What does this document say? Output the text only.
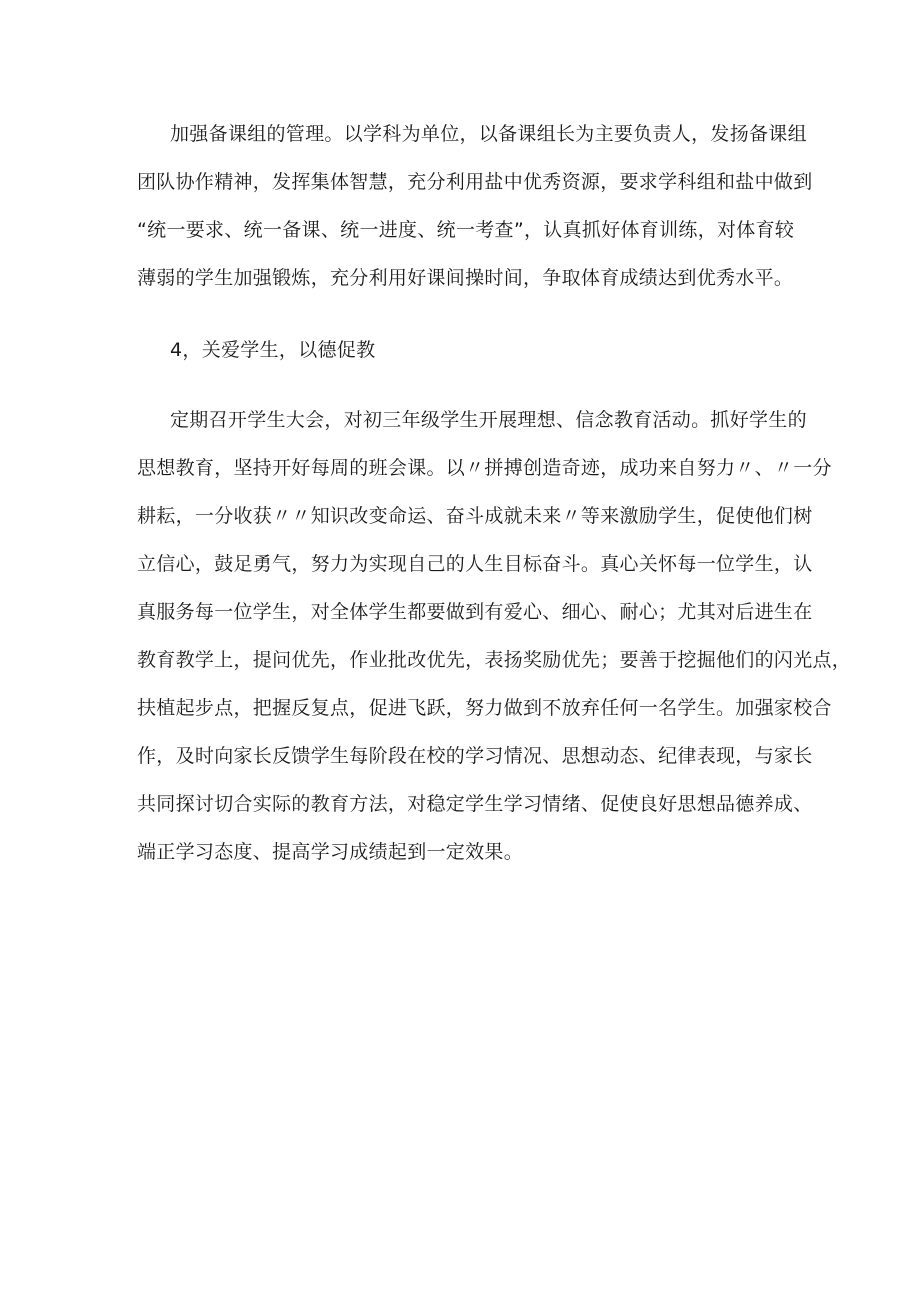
加强备课组的管理。以学科为单位，以备课组长为主要负责人，发扬备课组
团队协作精神，发挥集体智慧，充分利用盐中优秀资源，要求学科组和盐中做到
“统一要求、统一备课、统一进度、统一考查”，认真抓好体育训练，对体育较
薄弱的学生加强锻炼，充分利用好课间操时间，争取体育成绩达到优秀水平。
4，关爱学生，以德促教
定期召开学生大会，对初三年级学生开展理想、信念教育活动。抓好学生的
思想教育，坚持开好每周的班会课。以〃拼搏创造奇迹，成功来自努力〃、〃一分
耕耘，一分收获〃〃知识改变命运、奋斗成就未来〃等来激励学生，促使他们树
立信心，鼓足勇气，努力为实现自己的人生目标奋斗。真心关怀每一位学生，认
真服务每一位学生，对全体学生都要做到有爱心、细心、耐心；尤其对后进生在
教育教学上，提问优先，作业批改优先，表扬奖励优先；要善于挖掘他们的闪光点，
扶植起步点，把握反复点，促进飞跃，努力做到不放弃任何一名学生。加强家校合
作，及时向家长反馈学生每阶段在校的学习情况、思想动态、纪律表现，与家长
共同探讨切合实际的教育方法，对稳定学生学习情绪、促使良好思想品德养成、
端正学习态度、提高学习成绩起到一定效果。
